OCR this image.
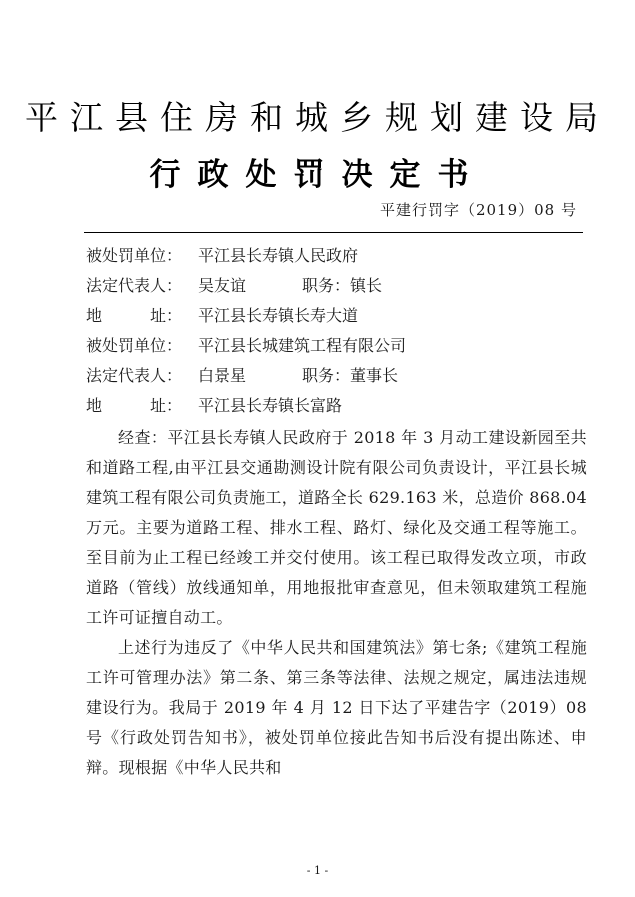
平江县住房和城乡规划建设局
行政处罚决定书
平建行罚字（2019）08 号
被处罚单位： 平江县长寿镇人民政府
法定代表人： 吴友谊	职务：镇长
地　　　址： 平江县长寿镇长寿大道
被处罚单位： 平江县长城建筑工程有限公司
法定代表人： 白景星	职务：董事长
地　　　址： 平江县长寿镇长富路

经查：平江县长寿镇人民政府于 2018 年 3 月动工建设新园至共和道路工程,由平江县交通勘测设计院有限公司负责设计，平江县长城建筑工程有限公司负责施工，道路全长 629.163 米，总造价 868.04 万元。主要为道路工程、排水工程、路灯、绿化及交通工程等施工。至目前为止工程已经竣工并交付使用。该工程已取得发改立项，市政道路（管线）放线通知单，用地报批审查意见，但未领取建筑工程施工许可证擅自动工。

上述行为违反了《中华人民共和国建筑法》第七条;《建筑工程施工许可管理办法》第二条、第三条等法律、法规之规定，属违法违规建设行为。我局于 2019 年 4 月 12 日下达了平建告字（2019）08 号《行政处罚告知书》，被处罚单位接此告知书后没有提出陈述、申辩。现根据《中华人民共和

- 1 -
